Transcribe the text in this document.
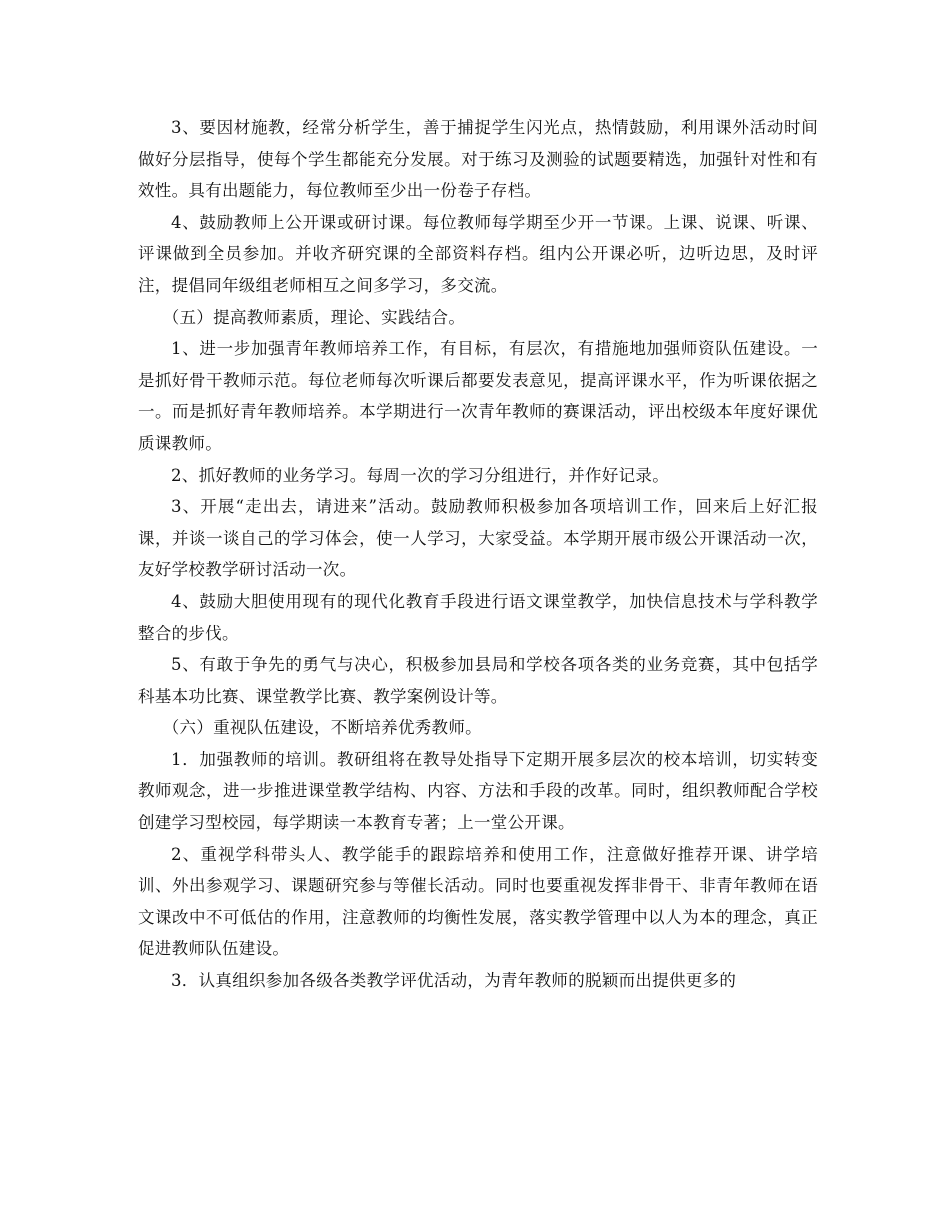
3、要因材施教，经常分析学生，善于捕捉学生闪光点，热情鼓励，利用课外活动时间做好分层指导，使每个学生都能充分发展。对于练习及测验的试题要精选，加强针对性和有效性。具有出题能力，每位教师至少出一份卷子存档。

4、鼓励教师上公开课或研讨课。每位教师每学期至少开一节课。上课、说课、听课、评课做到全员参加。并收齐研究课的全部资料存档。组内公开课必听，边听边思，及时评注，提倡同年级组老师相互之间多学习，多交流。

（五）提高教师素质，理论、实践结合。

1、进一步加强青年教师培养工作，有目标，有层次，有措施地加强师资队伍建设。一是抓好骨干教师示范。每位老师每次听课后都要发表意见，提高评课水平，作为听课依据之一。而是抓好青年教师培养。本学期进行一次青年教师的赛课活动，评出校级本年度好课优质课教师。

2、抓好教师的业务学习。每周一次的学习分组进行，并作好记录。

3、开展“走出去，请进来”活动。鼓励教师积极参加各项培训工作，回来后上好汇报课，并谈一谈自己的学习体会，使一人学习，大家受益。本学期开展市级公开课活动一次，友好学校教学研讨活动一次。

4、鼓励大胆使用现有的现代化教育手段进行语文课堂教学，加快信息技术与学科教学整合的步伐。

5、有敢于争先的勇气与决心，积极参加县局和学校各项各类的业务竞赛，其中包括学科基本功比赛、课堂教学比赛、教学案例设计等。

（六）重视队伍建设，不断培养优秀教师。

1．加强教师的培训。教研组将在教导处指导下定期开展多层次的校本培训，切实转变教师观念，进一步推进课堂教学结构、内容、方法和手段的改革。同时，组织教师配合学校创建学习型校园，每学期读一本教育专著；上一堂公开课。

2、重视学科带头人、教学能手的跟踪培养和使用工作，注意做好推荐开课、讲学培训、外出参观学习、课题研究参与等催长活动。同时也要重视发挥非骨干、非青年教师在语文课改中不可低估的作用，注意教师的均衡性发展，落实教学管理中以人为本的理念，真正促进教师队伍建设。

3．认真组织参加各级各类教学评优活动，为青年教师的脱颖而出提供更多的
